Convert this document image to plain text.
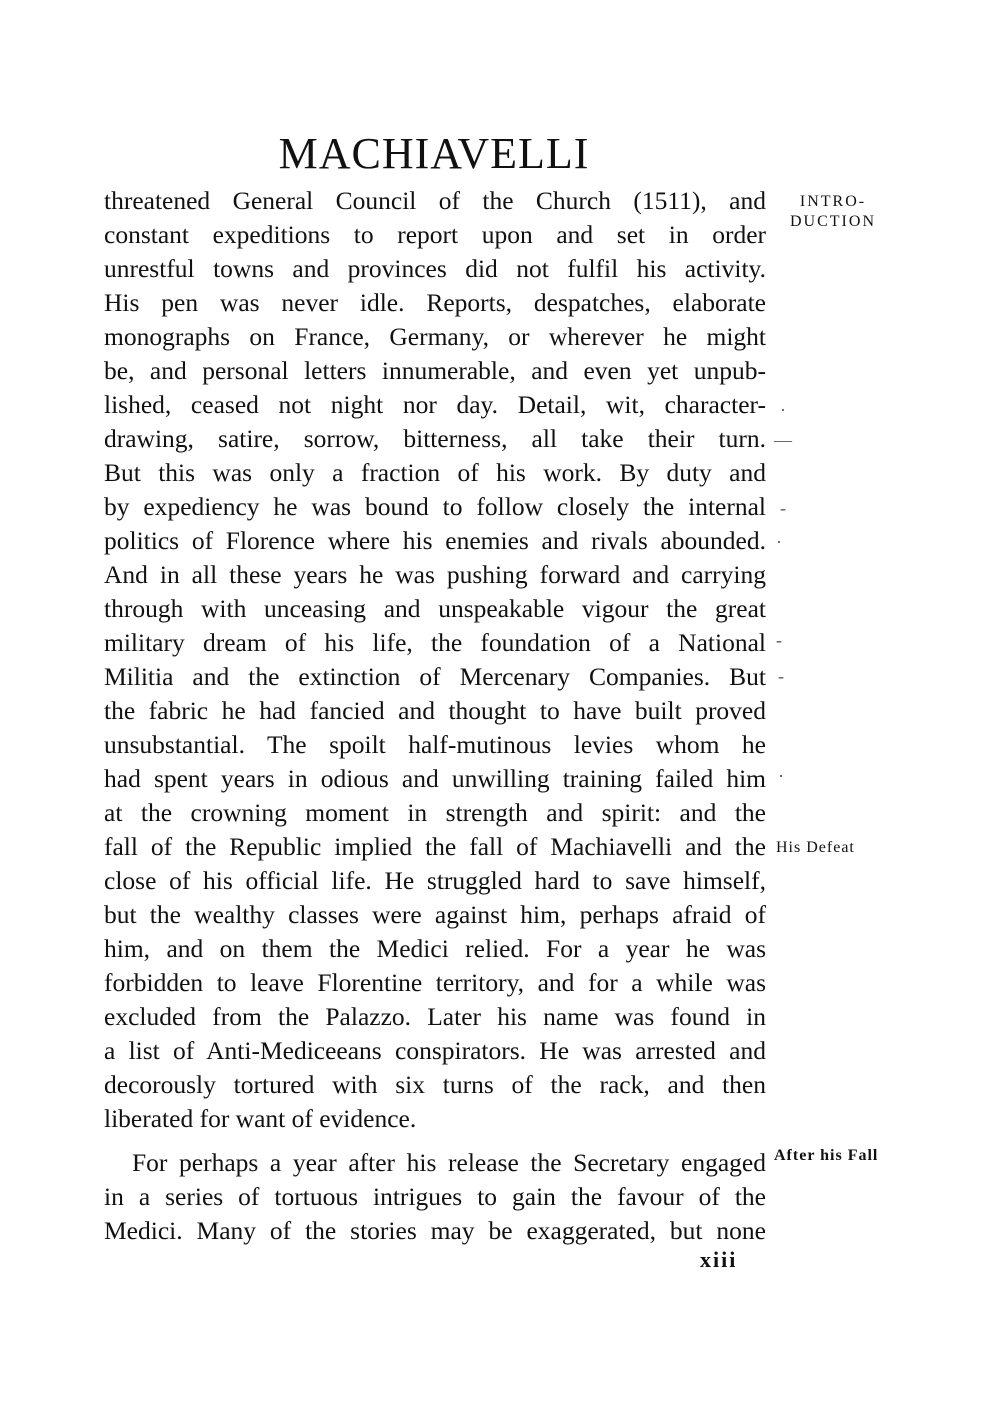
MACHIAVELLI
threatened General Council of the Church (1511), and
constant expeditions to report upon and set in order
unrestful towns and provinces did not fulfil his activity.
His pen was never idle. Reports, despatches, elaborate
monographs on France, Germany, or wherever he might
be, and personal letters innumerable, and even yet unpub-
lished, ceased not night nor day. Detail, wit, character-
drawing, satire, sorrow, bitterness, all take their turn.
But this was only a fraction of his work. By duty and
by expediency he was bound to follow closely the internal
politics of Florence where his enemies and rivals abounded.
And in all these years he was pushing forward and carrying
through with unceasing and unspeakable vigour the great
military dream of his life, the foundation of a National
Militia and the extinction of Mercenary Companies. But
the fabric he had fancied and thought to have built proved
unsubstantial. The spoilt half-mutinous levies whom he
had spent years in odious and unwilling training failed him
at the crowning moment in strength and spirit: and the
fall of the Republic implied the fall of Machiavelli and the
close of his official life. He struggled hard to save himself,
but the wealthy classes were against him, perhaps afraid of
him, and on them the Medici relied. For a year he was
forbidden to leave Florentine territory, and for a while was
excluded from the Palazzo. Later his name was found in
a list of Anti-Mediceeans conspirators. He was arrested and
decorously tortured with six turns of the rack, and then
liberated for want of evidence.
For perhaps a year after his release the Secretary engaged
in a series of tortuous intrigues to gain the favour of the
Medici. Many of the stories may be exaggerated, but none
INTRO-
DUCTION
His Defeat
After his Fall
·
—
-
·
-
-
·
xiii
